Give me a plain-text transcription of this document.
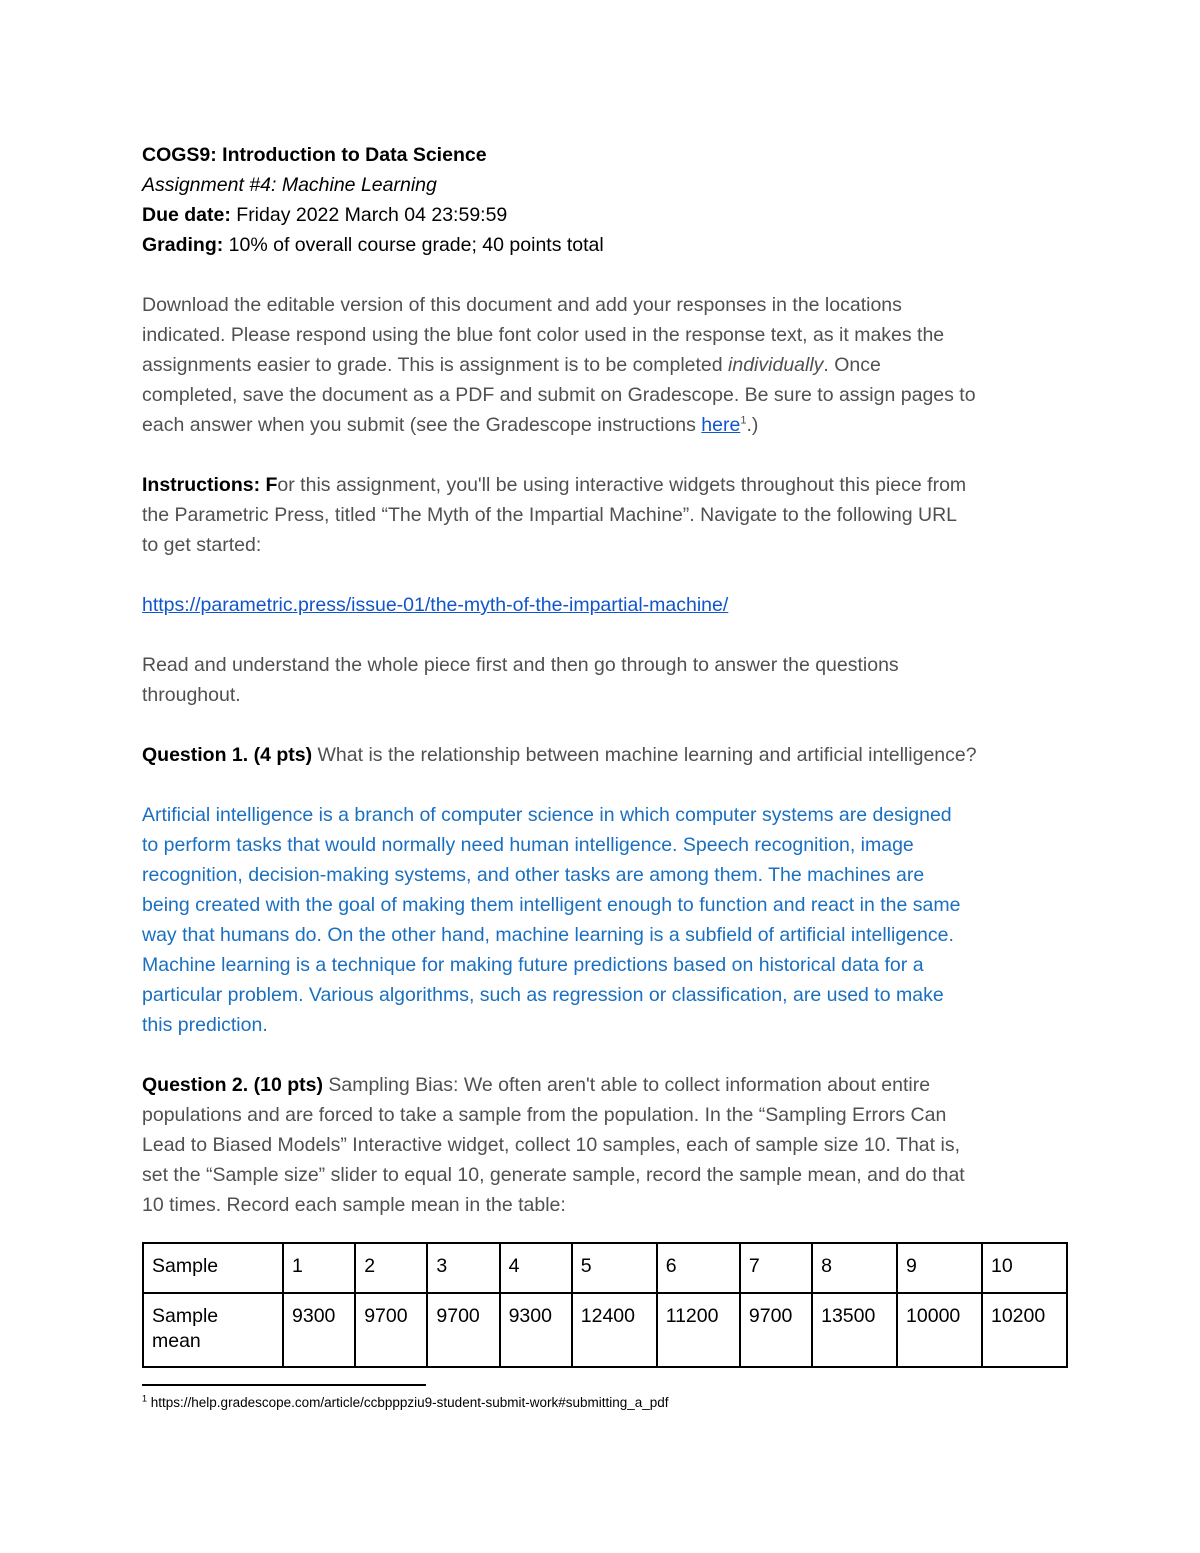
COGS9: Introduction to Data Science
Assignment #4: Machine Learning
Due date: Friday 2022 March 04 23:59:59
Grading: 10% of overall course grade; 40 points total
Download the editable version of this document and add your responses in the locations
indicated. Please respond using the blue font color used in the response text, as it makes the
assignments easier to grade. This is assignment is to be completed individually. Once
completed, save the document as a PDF and submit on Gradescope. Be sure to assign pages to
each answer when you submit (see the Gradescope instructions here$^1$.)
Instructions: For this assignment, you'll be using interactive widgets throughout this piece from
the Parametric Press, titled “The Myth of the Impartial Machine”. Navigate to the following URL
to get started:
https://parametric.press/issue-01/the-myth-of-the-impartial-machine/
Read and understand the whole piece first and then go through to answer the questions
throughout.
Question 1. (4 pts) What is the relationship between machine learning and artificial intelligence?
Artificial intelligence is a branch of computer science in which computer systems are designed
to perform tasks that would normally need human intelligence. Speech recognition, image
recognition, decision-making systems, and other tasks are among them. The machines are
being created with the goal of making them intelligent enough to function and react in the same
way that humans do. On the other hand, machine learning is a subfield of artificial intelligence.
Machine learning is a technique for making future predictions based on historical data for a
particular problem. Various algorithms, such as regression or classification, are used to make
this prediction.
Question 2. (10 pts) Sampling Bias: We often aren't able to collect information about entire
populations and are forced to take a sample from the population. In the “Sampling Errors Can
Lead to Biased Models” Interactive widget, collect 10 samples, each of sample size 10. That is,
set the “Sample size” slider to equal 10, generate sample, record the sample mean, and do that
10 times. Record each sample mean in the table:
Sample	1	2	3	4	5	6	7	8	9	10
Sample
mean	9300	9700	9700	9300	12400	11200	9700	13500	10000	10200
$^1$ https://help.gradescope.com/article/ccbpppziu9-student-submit-work#submitting_a_pdf
